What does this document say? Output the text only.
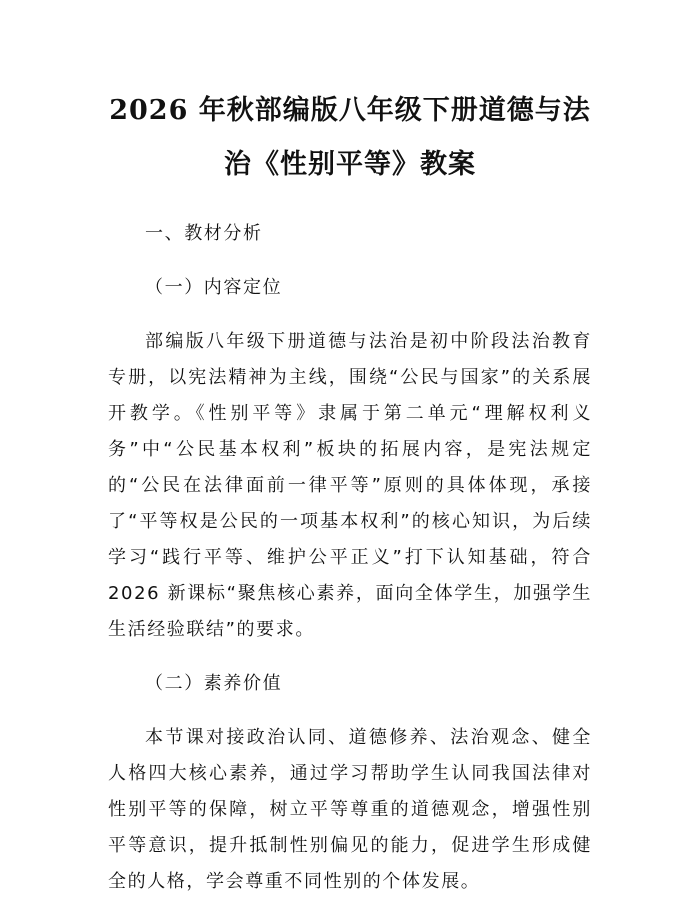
2026 年秋部编版八年级下册道德与法治《性别平等》教案

一、教材分析

（一）内容定位

部编版八年级下册道德与法治是初中阶段法治教育专册，以宪法精神为主线，围绕“公民与国家”的关系展开教学。《性别平等》隶属于第二单元“理解权利义务”中“公民基本权利”板块的拓展内容，是宪法规定的“公民在法律面前一律平等”原则的具体体现，承接了“平等权是公民的一项基本权利”的核心知识，为后续学习“践行平等、维护公平正义”打下认知基础，符合 2026 新课标“聚焦核心素养，面向全体学生，加强学生生活经验联结”的要求。

（二）素养价值

本节课对接政治认同、道德修养、法治观念、健全人格四大核心素养，通过学习帮助学生认同我国法律对性别平等的保障，树立平等尊重的道德观念，增强性别平等意识，提升抵制性别偏见的能力，促进学生形成健全的人格，学会尊重不同性别的个体发展。
